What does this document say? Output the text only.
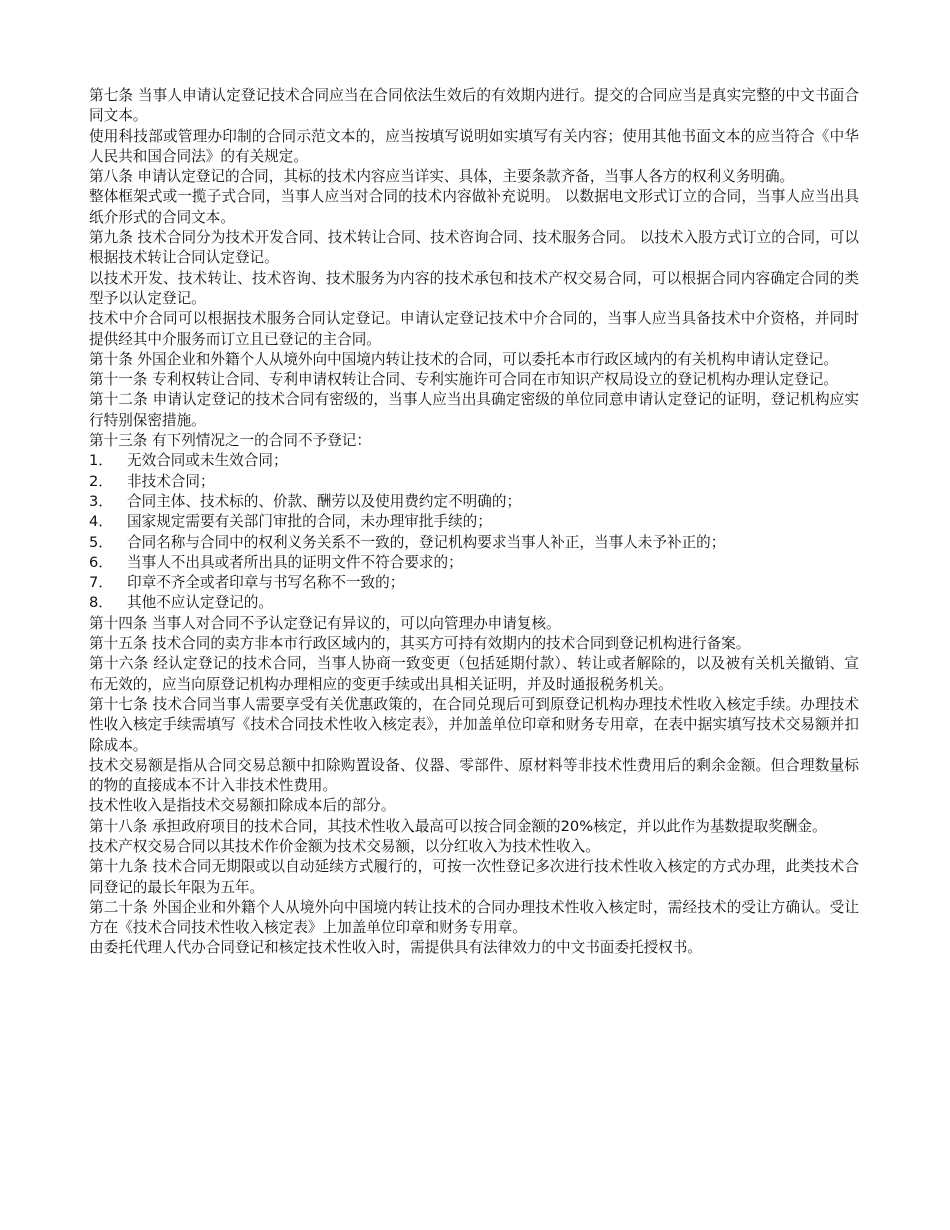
第七条 当事人申请认定登记技术合同应当在合同依法生效后的有效期内进行。提交的合同应当是真实完整的中文书面合同文本。

使用科技部或管理办印制的合同示范文本的，应当按填写说明如实填写有关内容；使用其他书面文本的应当符合《中华人民共和国合同法》的有关规定。

第八条 申请认定登记的合同，其标的技术内容应当详实、具体，主要条款齐备，当事人各方的权利义务明确。

整体框架式或一揽子式合同，当事人应当对合同的技术内容做补充说明。 以数据电文形式订立的合同，当事人应当出具纸介形式的合同文本。

第九条 技术合同分为技术开发合同、技术转让合同、技术咨询合同、技术服务合同。 以技术入股方式订立的合同，可以根据技术转让合同认定登记。

以技术开发、技术转让、技术咨询、技术服务为内容的技术承包和技术产权交易合同，可以根据合同内容确定合同的类型予以认定登记。

技术中介合同可以根据技术服务合同认定登记。申请认定登记技术中介合同的，当事人应当具备技术中介资格，并同时提供经其中介服务而订立且已登记的主合同。

第十条 外国企业和外籍个人从境外向中国境内转让技术的合同，可以委托本市行政区域内的有关机构申请认定登记。

第十一条 专利权转让合同、专利申请权转让合同、专利实施许可合同在市知识产权局设立的登记机构办理认定登记。

第十二条 申请认定登记的技术合同有密级的，当事人应当出具确定密级的单位同意申请认定登记的证明，登记机构应实行特别保密措施。

第十三条 有下列情况之一的合同不予登记：

1． 无效合同或未生效合同；
2． 非技术合同；
3． 合同主体、技术标的、价款、酬劳以及使用费约定不明确的；
4． 国家规定需要有关部门审批的合同，未办理审批手续的；
5． 合同名称与合同中的权利义务关系不一致的，登记机构要求当事人补正，当事人未予补正的；
6． 当事人不出具或者所出具的证明文件不符合要求的；
7． 印章不齐全或者印章与书写名称不一致的；
8． 其他不应认定登记的。

第十四条 当事人对合同不予认定登记有异议的，可以向管理办申请复核。

第十五条 技术合同的卖方非本市行政区域内的，其买方可持有效期内的技术合同到登记机构进行备案。

第十六条 经认定登记的技术合同，当事人协商一致变更（包括延期付款）、转让或者解除的，以及被有关机关撤销、宣布无效的，应当向原登记机构办理相应的变更手续或出具相关证明，并及时通报税务机关。

第十七条 技术合同当事人需要享受有关优惠政策的，在合同兑现后可到原登记机构办理技术性收入核定手续。办理技术性收入核定手续需填写《技术合同技术性收入核定表》，并加盖单位印章和财务专用章，在表中据实填写技术交易额并扣除成本。

技术交易额是指从合同交易总额中扣除购置设备、仪器、零部件、原材料等非技术性费用后的剩余金额。但合理数量标的物的直接成本不计入非技术性费用。

技术性收入是指技术交易额扣除成本后的部分。

第十八条 承担政府项目的技术合同，其技术性收入最高可以按合同金额的20%核定，并以此作为基数提取奖酬金。

技术产权交易合同以其技术作价金额为技术交易额，以分红收入为技术性收入。

第十九条 技术合同无期限或以自动延续方式履行的，可按一次性登记多次进行技术性收入核定的方式办理，此类技术合同登记的最长年限为五年。

第二十条 外国企业和外籍个人从境外向中国境内转让技术的合同办理技术性收入核定时，需经技术的受让方确认。受让方在《技术合同技术性收入核定表》上加盖单位印章和财务专用章。

由委托代理人代办合同登记和核定技术性收入时，需提供具有法律效力的中文书面委托授权书。
